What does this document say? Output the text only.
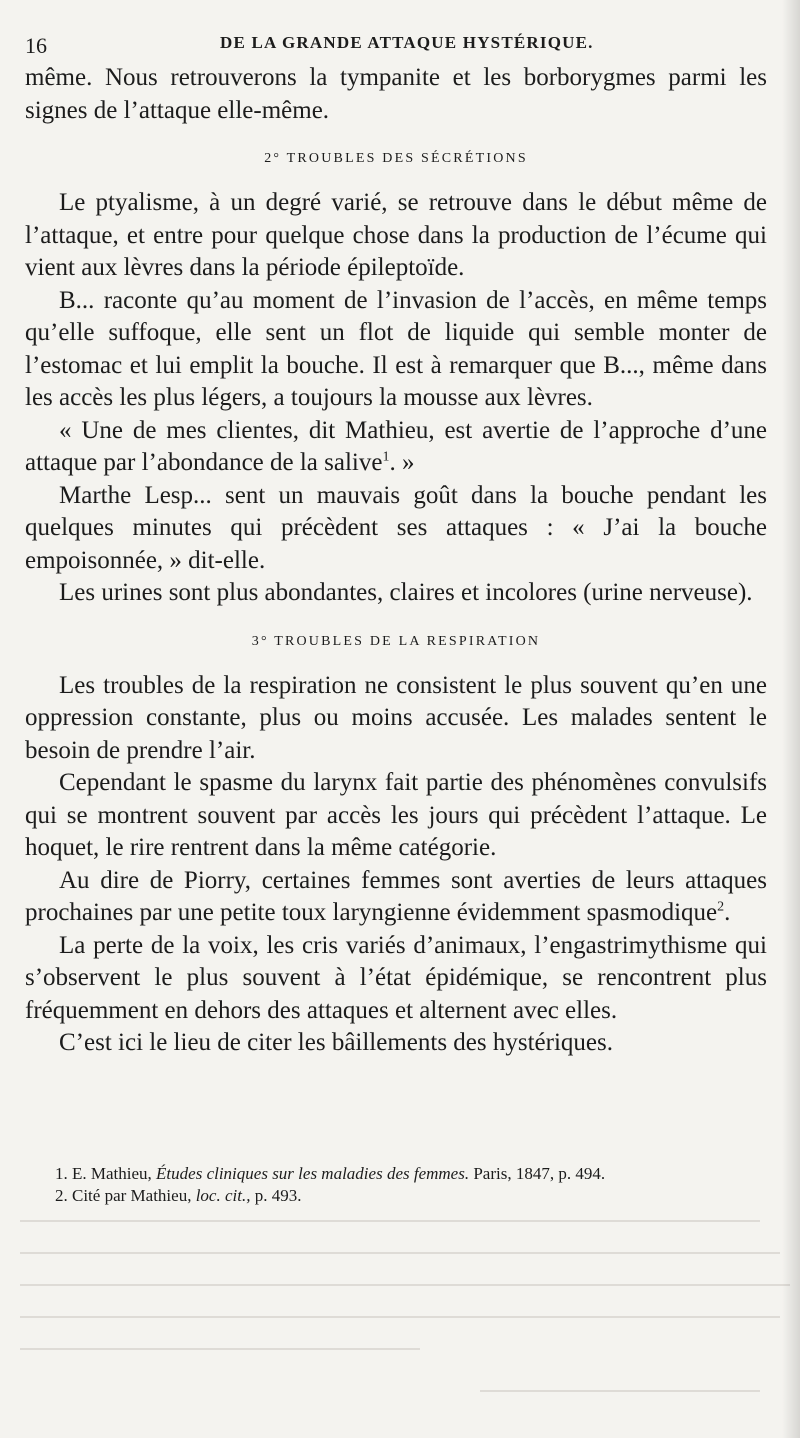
16	DE LA GRANDE ATTAQUE HYSTÉRIQUE.

même. Nous retrouverons la tympanite et les borborygmes parmi les signes de l’attaque elle-même.

2° TROUBLES DES SÉCRÉTIONS

Le ptyalisme, à un degré varié, se retrouve dans le début même de l’attaque, et entre pour quelque chose dans la production de l’écume qui vient aux lèvres dans la période épileptoïde.

B... raconte qu’au moment de l’invasion de l’accès, en même temps qu’elle suffoque, elle sent un flot de liquide qui semble monter de l’estomac et lui emplit la bouche. Il est à remarquer que B..., même dans les accès les plus légers, a toujours la mousse aux lèvres.

« Une de mes clientes, dit Mathieu, est avertie de l’approche d’une attaque par l’abondance de la salive$^1$. »

Marthe Lesp... sent un mauvais goût dans la bouche pendant les quelques minutes qui précèdent ses attaques : « J’ai la bouche empoisonnée, » dit-elle.

Les urines sont plus abondantes, claires et incolores (urine nerveuse).

3° TROUBLES DE LA RESPIRATION

Les troubles de la respiration ne consistent le plus souvent qu’en une oppression constante, plus ou moins accusée. Les malades sentent le besoin de prendre l’air.

Cependant le spasme du larynx fait partie des phénomènes convulsifs qui se montrent souvent par accès les jours qui précèdent l’attaque. Le hoquet, le rire rentrent dans la même catégorie.

Au dire de Piorry, certaines femmes sont averties de leurs attaques prochaines par une petite toux laryngienne évidemment spasmodique$^2$.

La perte de la voix, les cris variés d’animaux, l’engastrimythisme qui s’observent le plus souvent à l’état épidémique, se rencontrent plus fréquemment en dehors des attaques et alternent avec elles.

C’est ici le lieu de citer les bâillements des hystériques.

1. E. Mathieu, Études cliniques sur les maladies des femmes. Paris, 1847, p. 494.

2. Cité par Mathieu, loc. cit., p. 493.
